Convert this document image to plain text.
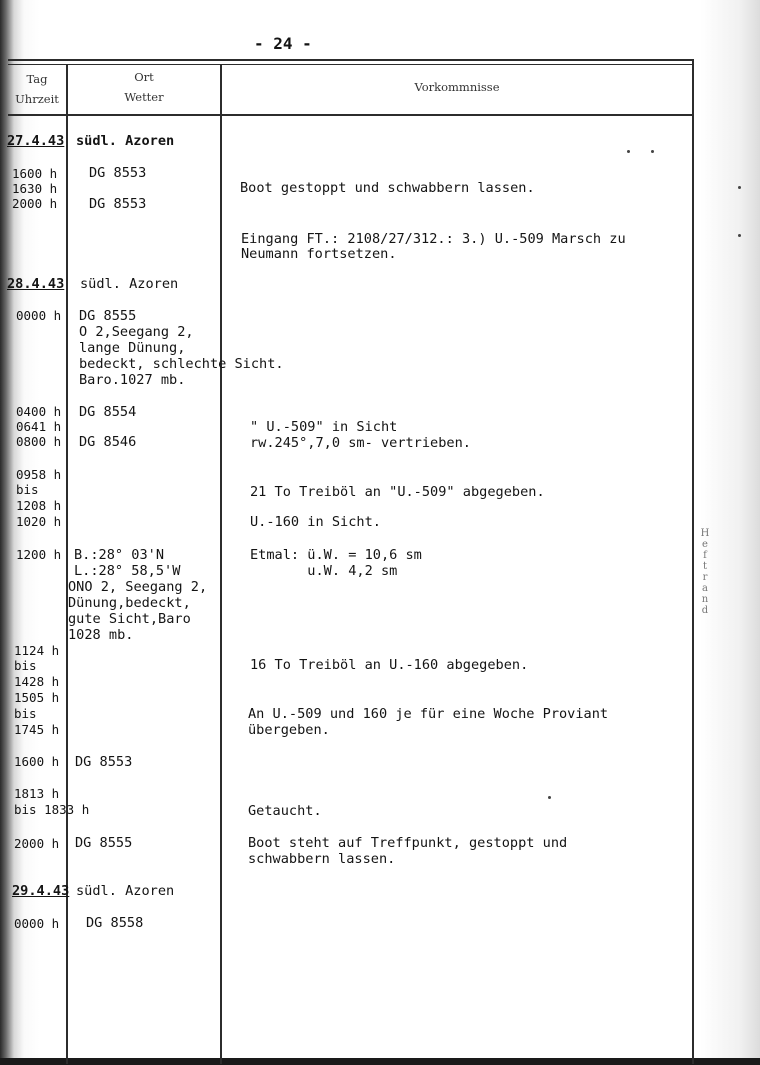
- 24 -
Tag
Uhrzeit
Ort
Wetter
Vorkommnisse
27.4.43 südl. Azoren
1600 h
1630 h
2000 h
DG 8553
DG 8553
Boot gestoppt und schwabbern lassen.
Eingang FT.: 2108/27/312.: 3.) U.-509 Marsch zu
Neumann fortsetzen.
28.4.43 südl. Azoren
0000 h DG 8555
O 2,Seegang 2,
lange Dünung,
bedeckt, schlechte Sicht.
Baro.1027 mb.
0400 h
0641 h
0800 h
DG 8554
DG 8546
" U.-509" in Sicht
rw.245°,7,0 sm- vertrieben.
0958 h
bis
1208 h
1020 h
21 To Treiböl an "U.-509" abgegeben.
U.-160 in Sicht.
1200 h B.:28° 03'N
L.:28° 58,5'W
ONO 2, Seegang 2,
Dünung,bedeckt,
gute Sicht,Baro
1028 mb.
Etmal: ü.W. = 10,6 sm
u.W. 4,2 sm
1124 h
bis
1428 h
1505 h
bis
1745 h
16 To Treiböl an U.-160 abgegeben.
An U.-509 und 160 je für eine Woche Proviant
übergeben.
1600 h DG 8553
1813 h
bis 1833 h	Getaucht.
2000 h DG 8555	Boot steht auf Treffpunkt, gestoppt und
schwabbern lassen.
29.4.43 südl. Azoren
0000 h DG 8558
H
e
f
t
r
a
n
d
